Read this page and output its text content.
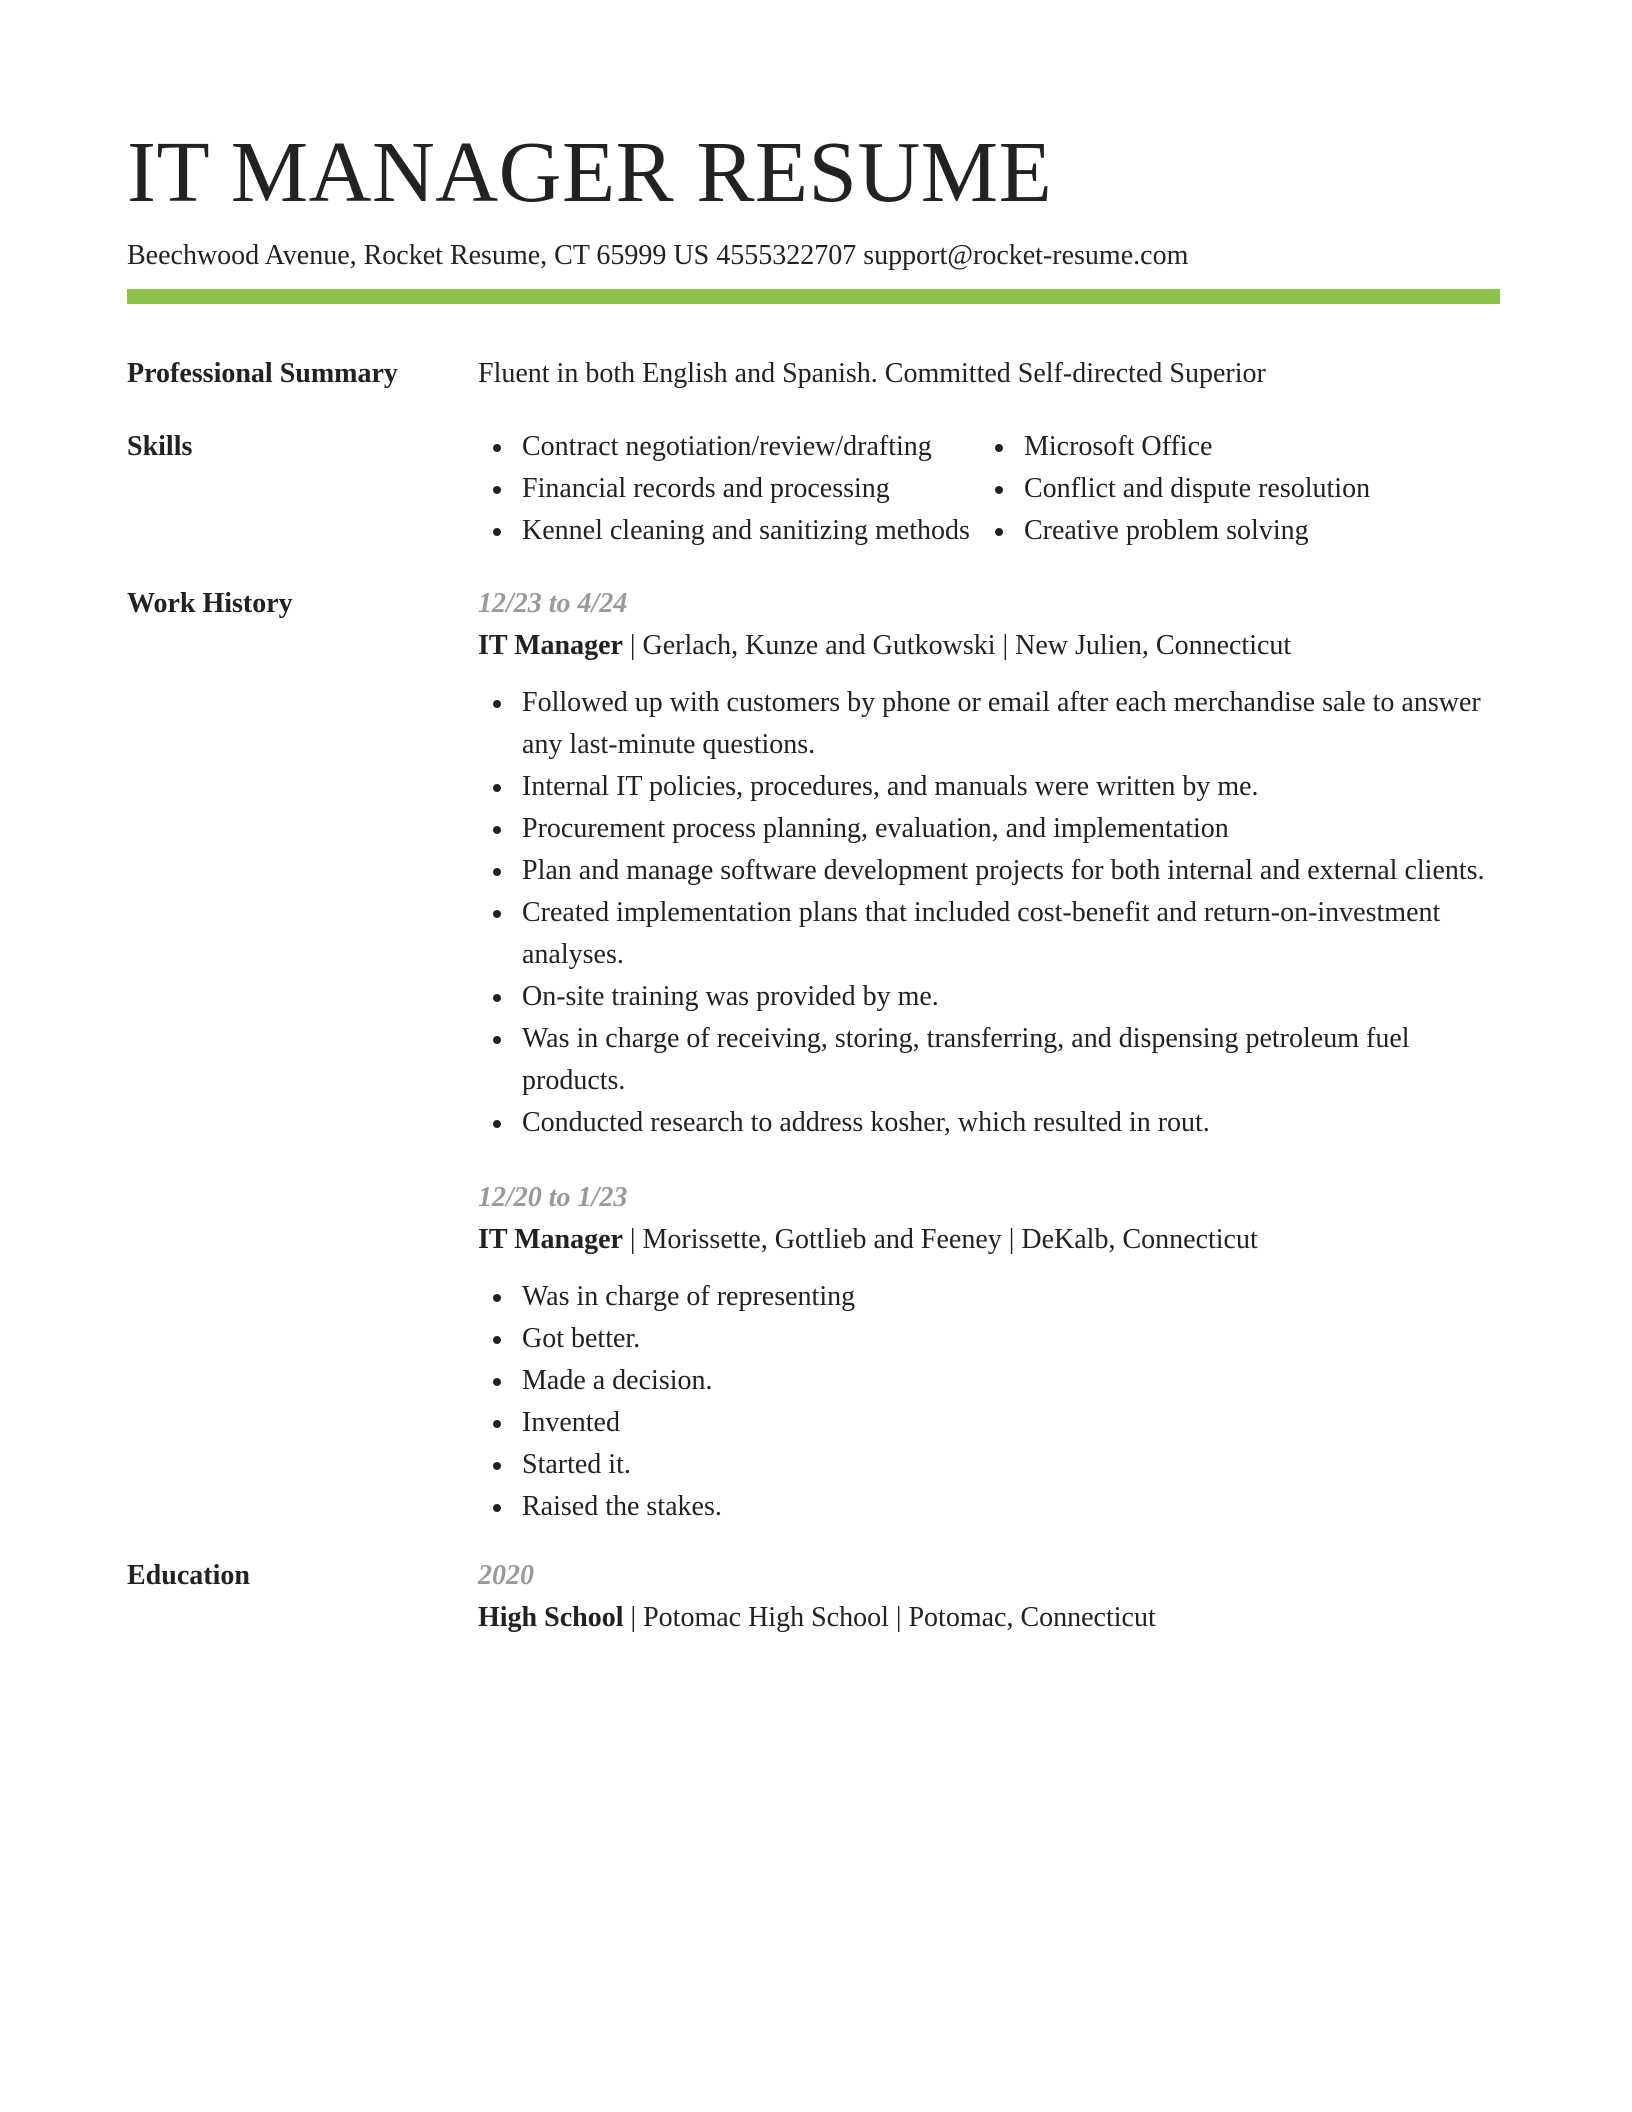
IT MANAGER RESUME
Beechwood Avenue, Rocket Resume, CT 65999 US 4555322707 support@rocket-resume.com
Professional Summary	Fluent in both English and Spanish. Committed Self-directed Superior
Skills	Contract negotiation/review/drafting
Financial records and processing
Kennel cleaning and sanitizing methods
Microsoft Office
Conflict and dispute resolution
Creative problem solving
Work History	12/23 to 4/24
IT Manager | Gerlach, Kunze and Gutkowski | New Julien, Connecticut
Followed up with customers by phone or email after each merchandise sale to answer any last-minute questions.
Internal IT policies, procedures, and manuals were written by me.
Procurement process planning, evaluation, and implementation
Plan and manage software development projects for both internal and external clients.
Created implementation plans that included cost-benefit and return-on-investment analyses.
On-site training was provided by me.
Was in charge of receiving, storing, transferring, and dispensing petroleum fuel products.
Conducted research to address kosher, which resulted in rout.
12/20 to 1/23
IT Manager | Morissette, Gottlieb and Feeney | DeKalb, Connecticut
Was in charge of representing
Got better.
Made a decision.
Invented
Started it.
Raised the stakes.
Education	2020
High School | Potomac High School | Potomac, Connecticut
